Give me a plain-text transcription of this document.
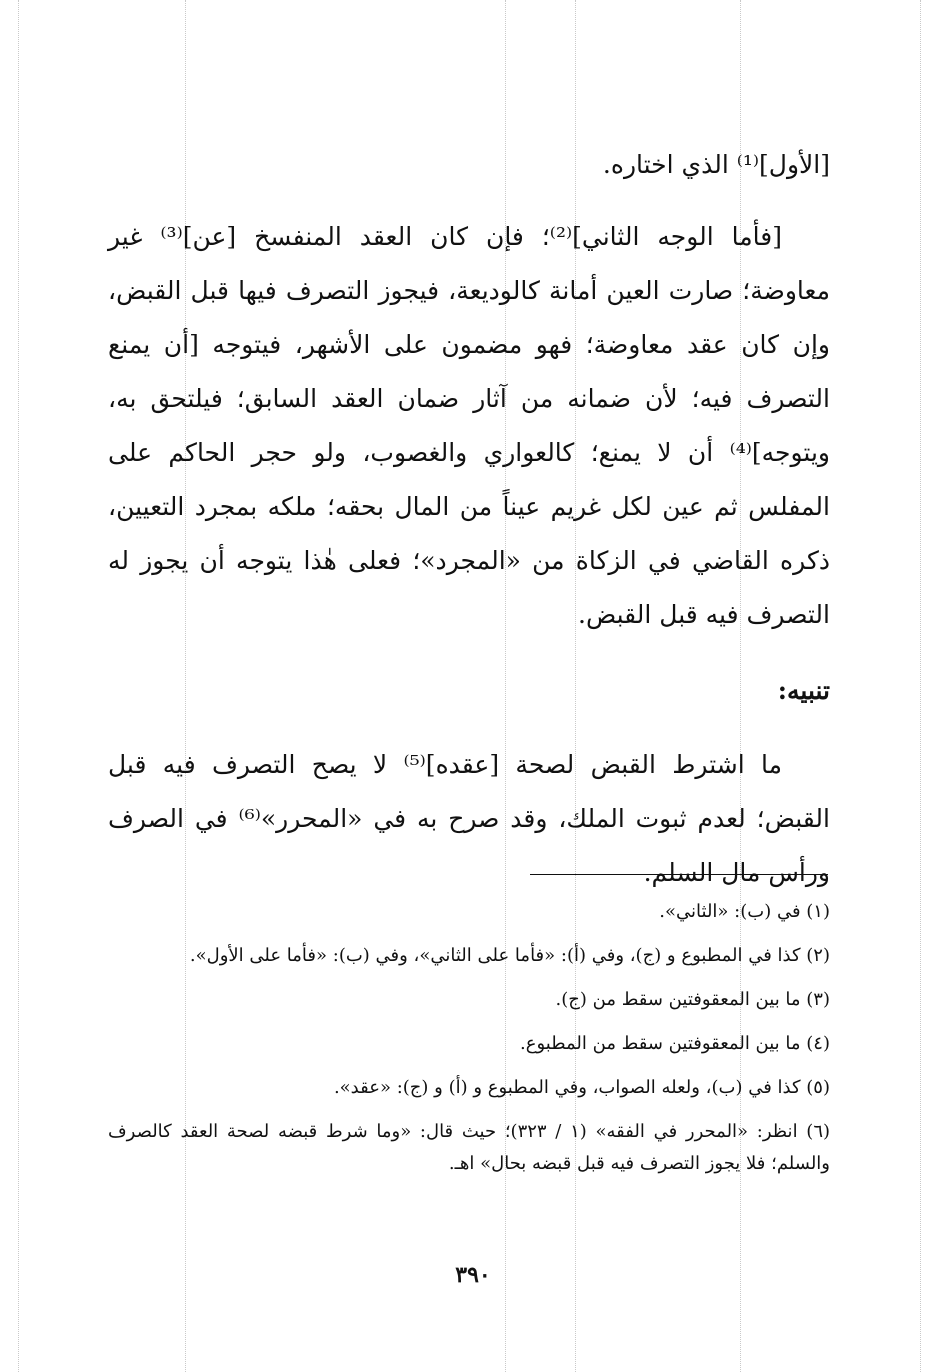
[الأول]⁽¹⁾ الذي اختاره.

[فأما الوجه الثاني]⁽²⁾؛ فإن كان العقد المنفسخ [عن]⁽³⁾ غير معاوضة؛ صارت العين أمانة كالوديعة، فيجوز التصرف فيها قبل القبض، وإن كان عقد معاوضة؛ فهو مضمون على الأشهر، فيتوجه [أن يمنع التصرف فيه؛ لأن ضمانه من آثار ضمان العقد السابق؛ فيلتحق به، ويتوجه]⁽⁴⁾ أن لا يمنع؛ كالعواري والغصوب، ولو حجر الحاكم على المفلس ثم عين لكل غريم عيناً من المال بحقه؛ ملكه بمجرد التعيين، ذكره القاضي في الزكاة من «المجرد»؛ فعلى هٰذا يتوجه أن يجوز له التصرف فيه قبل القبض.

تنبيه:

ما اشترط القبض لصحة [عقده]⁽⁵⁾ لا يصح التصرف فيه قبل القبض؛ لعدم ثبوت الملك، وقد صرح به في «المحرر»⁽⁶⁾ في الصرف ورأس مال السلم.

(١) في (ب): «الثاني».

(٢) كذا في المطبوع و (ج)، وفي (أ): «فأما على الثاني»، وفي (ب): «فأما على الأول».

(٣) ما بين المعقوفتين سقط من (ج).

(٤) ما بين المعقوفتين سقط من المطبوع.

(٥) كذا في (ب)، ولعله الصواب، وفي المطبوع و (أ) و (ج): «عقد».

(٦) انظر: «المحرر في الفقه» (١ / ٣٢٣)؛ حيث قال: «وما شرط قبضه لصحة العقد كالصرف والسلم؛ فلا يجوز التصرف فيه قبل قبضه بحال» اهـ.

٣٩٠
